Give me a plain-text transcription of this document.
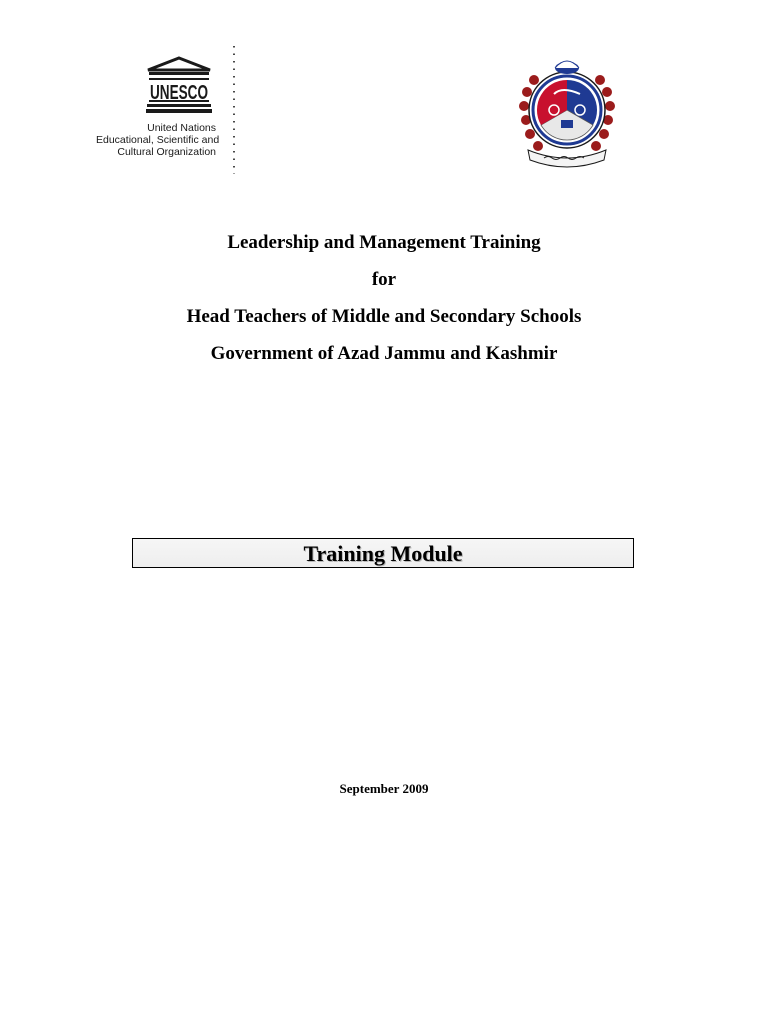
UNESCO
United Nations
Educational, Scientific and
Cultural Organization
Leadership and Management Training
for
Head Teachers of Middle and Secondary Schools
Government of Azad Jammu and Kashmir
Training Module
September 2009
